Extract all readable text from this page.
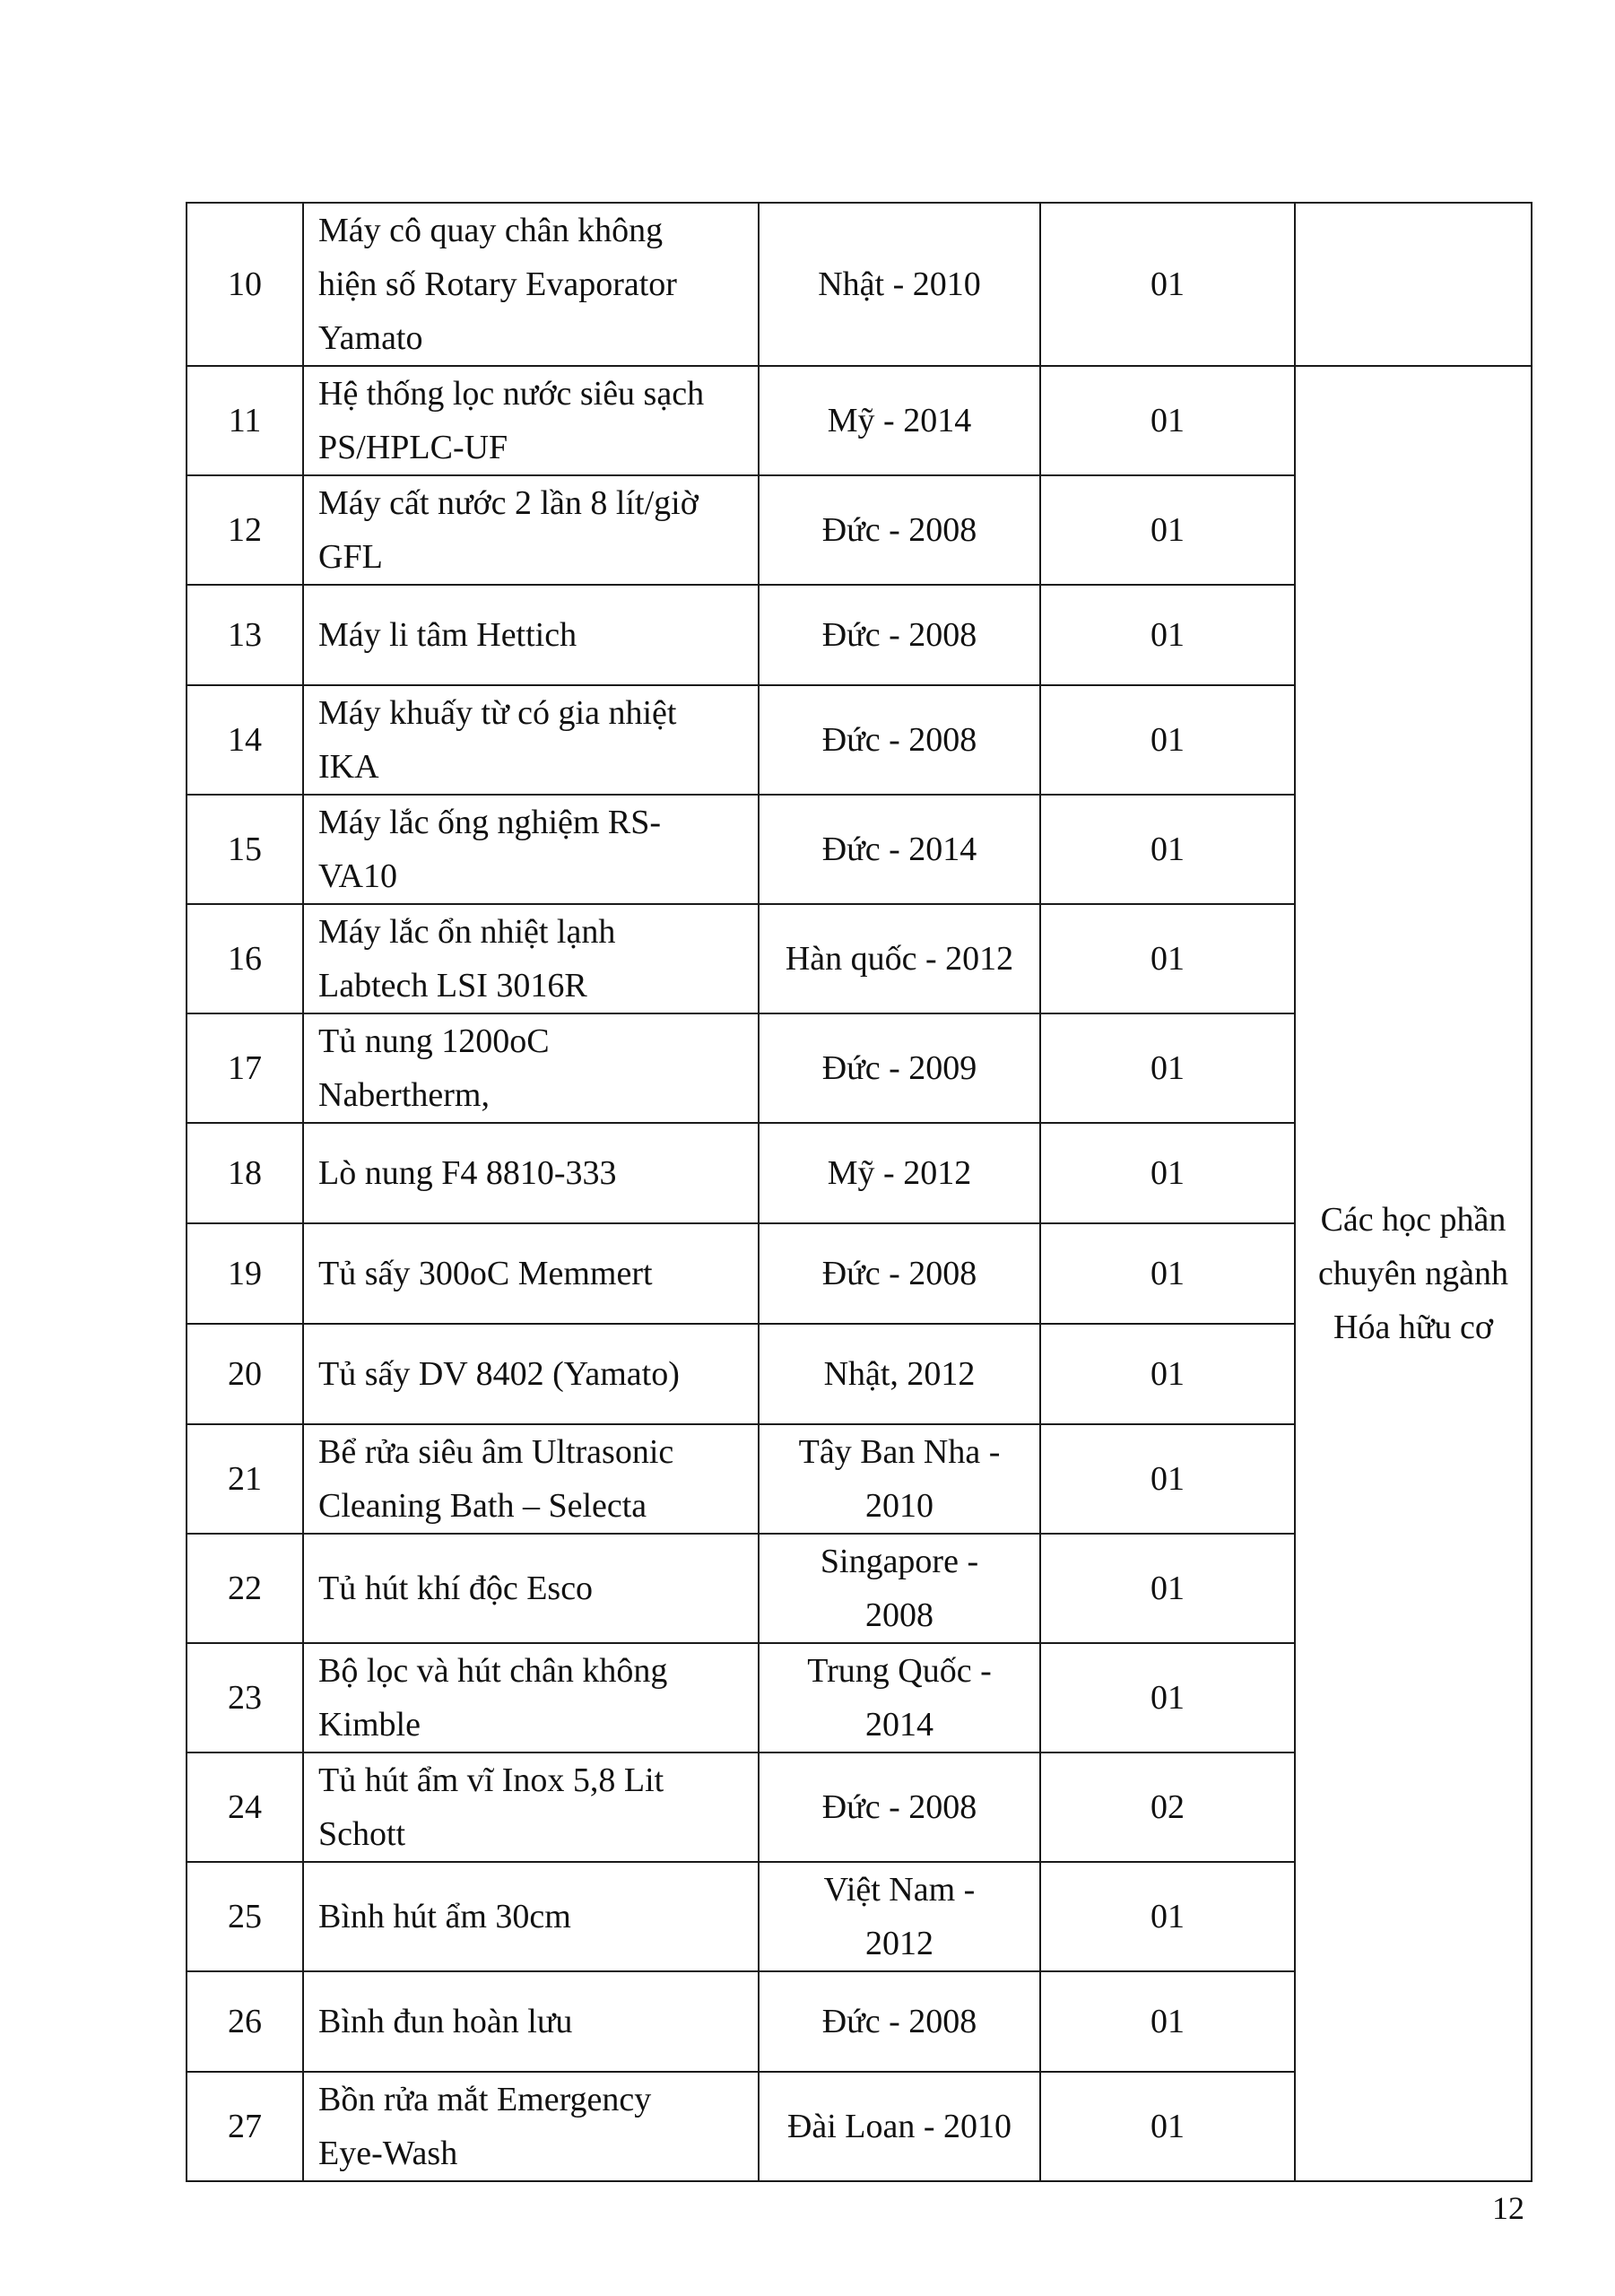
10	Máy cô quay chân không
hiện số Rotary Evaporator
Yamato	Nhật - 2010	01	

11	Hệ thống lọc nước siêu sạch
PS/HPLC-UF	Mỹ - 2014	01	Các học phần
chuyên ngành
Hóa hữu cơ

12	Máy cất nước 2 lần 8 lít/giờ
GFL	Đức - 2008	01	

13	Máy li tâm Hettich	Đức - 2008	01	

14	Máy khuấy từ có gia nhiệt
IKA	Đức - 2008	01	

15	Máy lắc ống nghiệm RS-
VA10	Đức - 2014	01	

16	Máy lắc ổn nhiệt lạnh
Labtech LSI 3016R	Hàn quốc - 2012	01	

17	Tủ nung 1200oC
Nabertherm,	Đức - 2009	01	

18	Lò nung F4 8810-333	Mỹ - 2012	01	

19	Tủ sấy 300oC Memmert	Đức - 2008	01	

20	Tủ sấy DV 8402 (Yamato)	Nhật, 2012	01	

21	Bể rửa siêu âm Ultrasonic
Cleaning Bath – Selecta	Tây Ban Nha -
2010	01	

22	Tủ hút khí độc Esco	Singapore -
2008	01	

23	Bộ lọc và hút chân không
Kimble	Trung Quốc -
2014	01	

24	Tủ hút ẩm vĩ Inox 5,8 Lit
Schott	Đức - 2008	02	

25	Bình hút ẩm 30cm	Việt Nam -
2012	01	

26	Bình đun hoàn lưu	Đức - 2008	01	

27	Bồn rửa mắt Emergency
Eye-Wash	Đài Loan - 2010	01	
12
